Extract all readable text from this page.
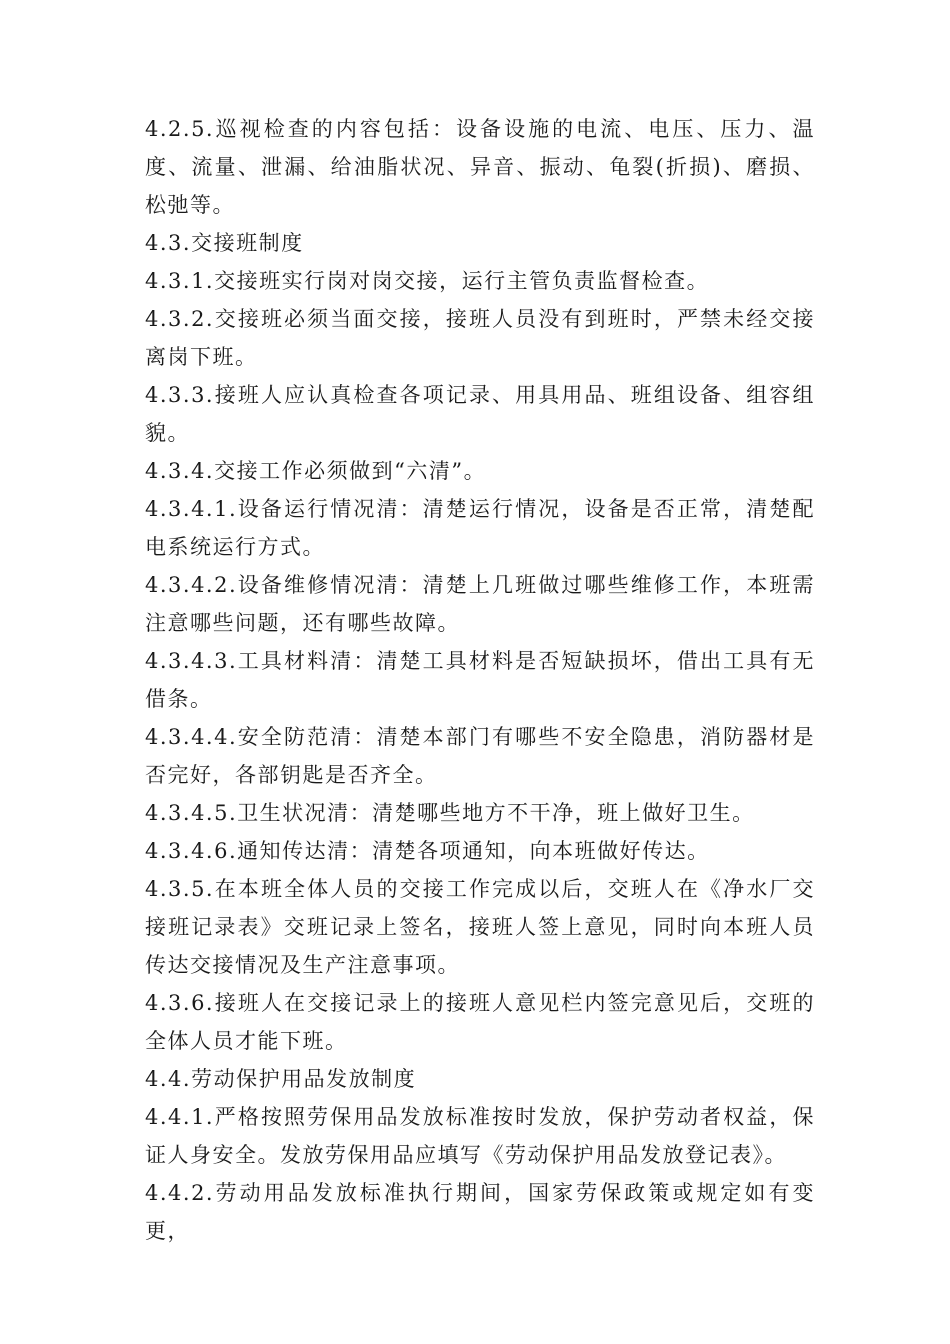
4.2.5.巡视检查的内容包括：设备设施的电流、电压、压力、温度、流量、泄漏、给油脂状况、异音、振动、龟裂(折损)、磨损、松弛等。

4.3.交接班制度

4.3.1.交接班实行岗对岗交接，运行主管负责监督检查。

4.3.2.交接班必须当面交接，接班人员没有到班时，严禁未经交接离岗下班。

4.3.3.接班人应认真检查各项记录、用具用品、班组设备、组容组貌。

4.3.4.交接工作必须做到“六清”。

4.3.4.1.设备运行情况清：清楚运行情况，设备是否正常，清楚配电系统运行方式。

4.3.4.2.设备维修情况清：清楚上几班做过哪些维修工作，本班需注意哪些问题，还有哪些故障。

4.3.4.3.工具材料清：清楚工具材料是否短缺损坏，借出工具有无借条。

4.3.4.4.安全防范清：清楚本部门有哪些不安全隐患，消防器材是否完好，各部钥匙是否齐全。

4.3.4.5.卫生状况清：清楚哪些地方不干净，班上做好卫生。

4.3.4.6.通知传达清：清楚各项通知，向本班做好传达。

4.3.5.在本班全体人员的交接工作完成以后，交班人在《净水厂交接班记录表》交班记录上签名，接班人签上意见，同时向本班人员传达交接情况及生产注意事项。

4.3.6.接班人在交接记录上的接班人意见栏内签完意见后，交班的全体人员才能下班。

4.4.劳动保护用品发放制度

4.4.1.严格按照劳保用品发放标准按时发放，保护劳动者权益，保证人身安全。发放劳保用品应填写《劳动保护用品发放登记表》。

4.4.2.劳动用品发放标准执行期间，国家劳保政策或规定如有变更，
